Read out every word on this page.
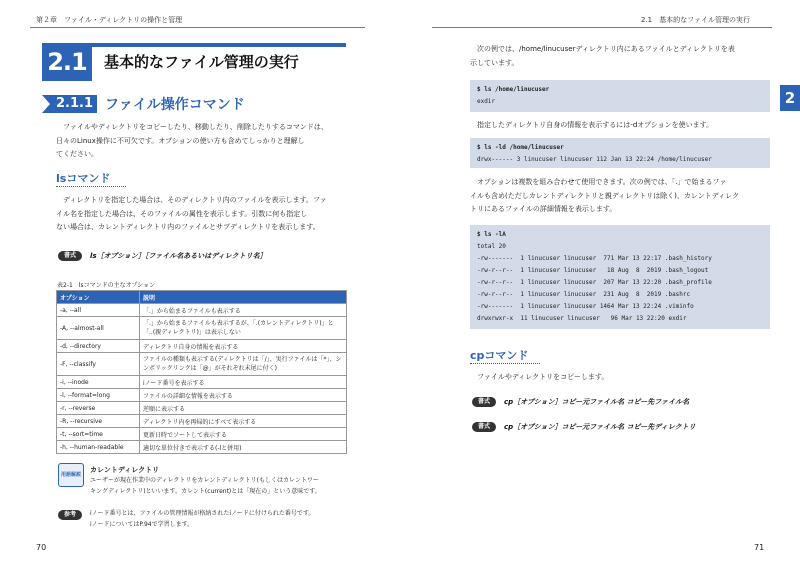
第２章　ファイル・ディレクトリの操作と管理	2.1　基本的なファイル管理の実行
2.1	基本的なファイル管理の実行
2.1.1 ファイル操作コマンド
ファイルやディレクトリをコピーしたり、移動したり、削除したりするコマンドは、
日々のLinux操作に不可欠です。オプションの使い方も含めてしっかりと理解し
てください。
lsコマンド
ディレクトリを指定した場合は、そのディレクトリ内のファイルを表示します。ファ
イル名を指定した場合は、そのファイルの属性を表示します。引数に何も指定し
ない場合は、カレントディレクトリ内のファイルとサブディレクトリを表示します。
書式	ls［オプション］［ファイル名あるいはディレクトリ名］
表2-1　lsコマンドの主なオプション
オプション	説明
-a, --all	「.」から始まるファイルも表示する
-A, --almost-all	「.」から始まるファイルも表示するが、「.(カレントディレクトリ)」と「..(親ディレクトリ)」は表示しない
-d, --directory	ディレクトリ自身の情報を表示する
-F, --classify	ファイルの種類も表示する(ディレクトリは「/」、実行ファイルは「*」、シンボリックリンクは「@」がそれぞれ末尾に付く)
-i, --inode	iノード番号を表示する
-l, --format=long	ファイルの詳細な情報を表示する
-r, --reverse	逆順に表示する
-R, --recursive	ディレクトリ内を再帰的にすべて表示する
-t, --sort=time	更新日時でソートして表示する
-h, --human-readable	適切な単位付きで表示する(-lと併用)
用語解説
カレントディレクトリ
ユーザーが現在作業中のディレクトリをカレントディレクトリ(もしくはカレントワー
キングディレクトリ)といいます。カレント(current)とは「現在の」という意味です。
参考	iノード番号とは、ファイルの管理情報が格納されたiノードに付けられた番号です。
iノードについてはP.94で学習します。
70
2
次の例では、/home/linucuserディレクトリ内にあるファイルとディレクトリを表
示しています。
$ ls /home/linucuser
exdir
指定したディレクトリ自身の情報を表示するには-dオプションを使います。
$ ls -ld /home/linucuser
drwx------ 3 linucuser linucuser 112 Jan 13 22:24 /home/linucuser
オプションは複数を組み合わせて使用できます。次の例では、「.」で始まるファ
イルも含め(ただしカレントディレクトリと親ディレクトリは除く)、カレントディレク
トリにあるファイルの詳細情報を表示します。
$ ls -lA
total 20
-rw-------  1 linucuser linucuser  771 Mar 13 22:17 .bash_history
-rw-r--r--  1 linucuser linucuser   18 Aug  8  2019 .bash_logout
-rw-r--r--  1 linucuser linucuser  207 Mar 13 22:20 .bash_profile
-rw-r--r--  1 linucuser linucuser  231 Aug  8  2019 .bashrc
-rw-------  1 linucuser linucuser 1464 Mar 13 22:24 .viminfo
drwxrwxr-x  11 linucuser linucuser   96 Mar 13 22:20 exdir
cpコマンド
ファイルやディレクトリをコピーします。
書式	cp［オプション］コピー元ファイル名 コピー先ファイル名
書式	cp［オプション］コピー元ファイル名 コピー先ディレクトリ
71
